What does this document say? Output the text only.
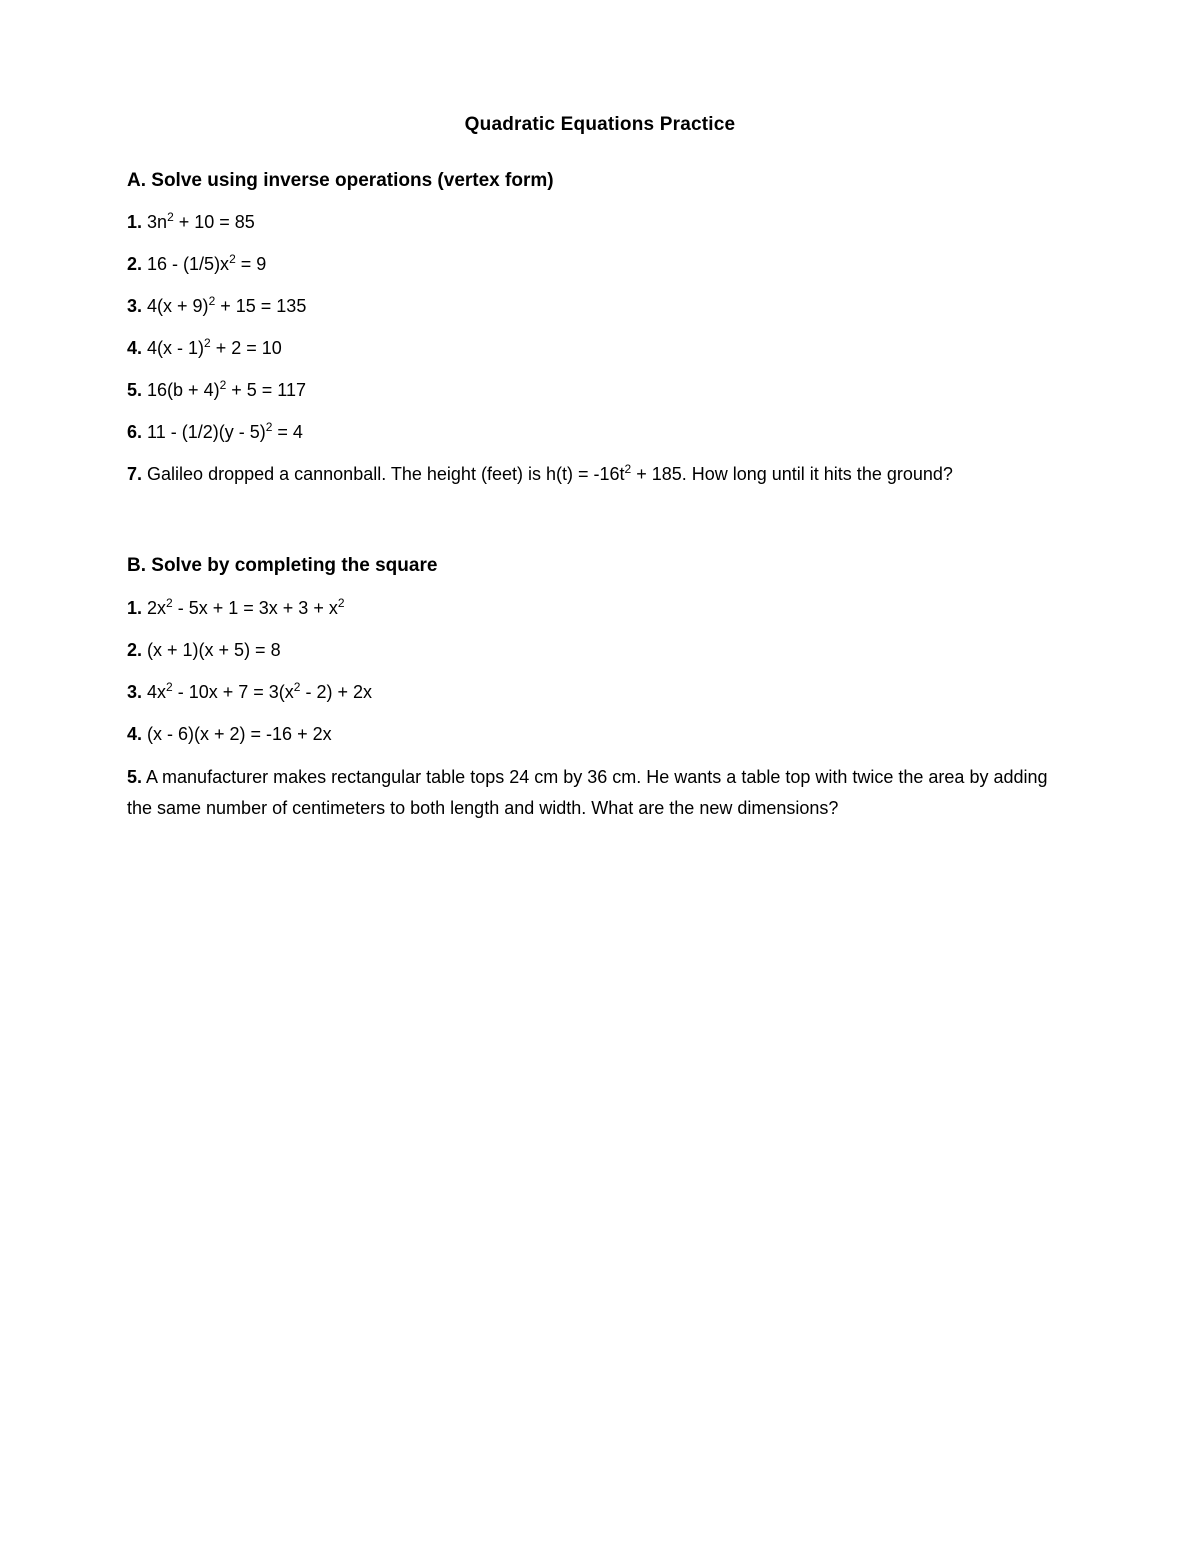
Quadratic Equations Practice
A. Solve using inverse operations (vertex form)

1. $3n^2 + 10 = 85$

2. $16 - (1/5)x^2 = 9$

3. $4(x + 9)^2 + 15 = 135$

4. 4(x - 1)$^2$ + 2 = 10

5. $16(b + 4)^2 + 5 = 117$

6. 11 - (1/2)(y - 5)$^2$ = 4

7. Galileo dropped a cannonball. The height (feet) is $h(t) = -16t^2 + 185$. How long until it hits the ground?

B. Solve by completing the square

1. $2x^2 - 5x + 1 = 3x + 3 + x^2$

2. (x + 1)(x + 5) = 8

3. $4x^2 - 10x + 7 = 3(x^2 - 2) + 2x$

4. (x - 6)(x + 2) = -16 + 2x

5. A manufacturer makes rectangular table tops 24 cm by 36 cm. He wants a table top with twice the area by adding the same number of centimeters to both length and width. What are the new dimensions?
